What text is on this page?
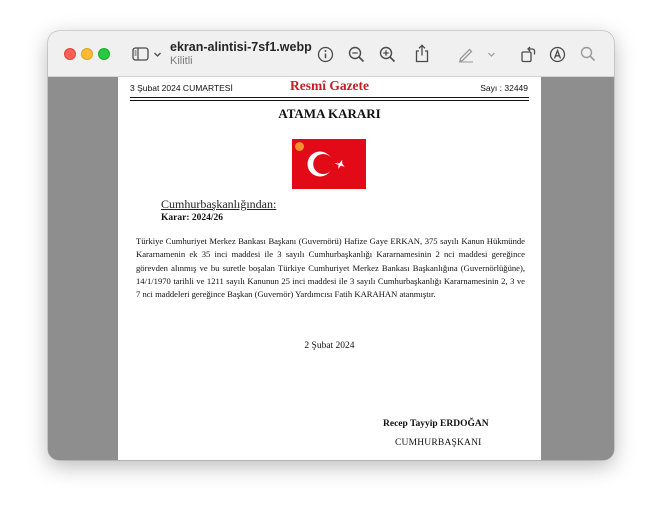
ekran-alintisi-7sf1.webp
Kilitli
3 Şubat 2024 CUMARTESİ	Resmî Gazete	Sayı : 32449
ATAMA KARARI
Cumhurbaşkanlığından:
Karar: 2024/26
Türkiye Cumhuriyet Merkez Bankası Başkanı (Guvernörü) Hafize Gaye ERKAN, 375 sayılı Kanun Hükmünde Kararnamenin ek 35 inci maddesi ile 3 sayılı Cumhurbaşkanlığı Kararnamesinin 2 nci maddesi gereğince görevden alınmış ve bu suretle boşalan Türkiye Cumhuriyet Merkez Bankası Başkanlığına (Guvernörlüğüne), 14/1/1970 tarihli ve 1211 sayılı Kanunun 25 inci maddesi ile 3 sayılı Cumhurbaşkanlığı Kararnamesinin 2, 3 ve 7 nci maddeleri gereğince Başkan (Guvernör) Yardımcısı Fatih KARAHAN atanmıştır.
2 Şubat 2024
Recep Tayyip ERDOĞAN
CUMHURBAŞKANI
